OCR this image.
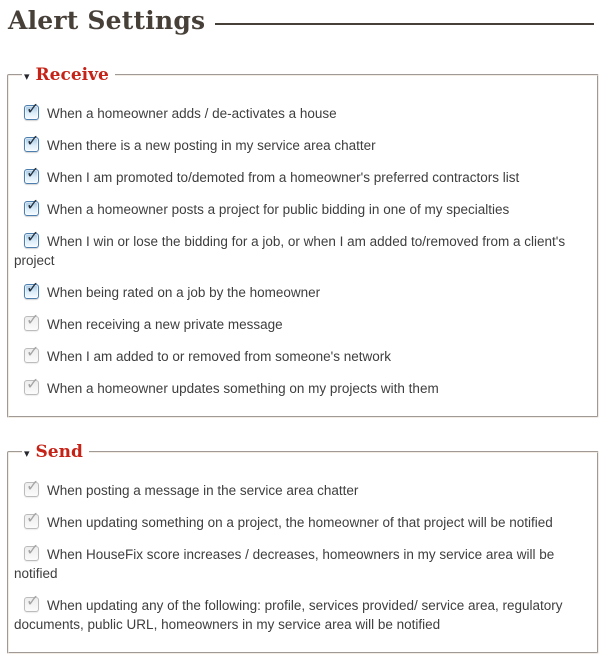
Alert Settings
▾ Receive
✓When a homeowner adds / de-activates a house
✓When there is a new posting in my service area chatter
✓When I am promoted to/demoted from a homeowner's preferred contractors list
✓When a homeowner posts a project for public bidding in one of my specialties
✓When I win or lose the bidding for a job, or when I am added to/removed from a client's project
✓When being rated on a job by the homeowner
✓When receiving a new private message
✓When I am added to or removed from someone's network
✓When a homeowner updates something on my projects with them
▾ Send
✓When posting a message in the service area chatter
✓When updating something on a project, the homeowner of that project will be notified
✓When HouseFix score increases / decreases, homeowners in my service area will be notified
✓When updating any of the following: profile, services provided/ service area, regulatory documents, public URL, homeowners in my service area will be notified
